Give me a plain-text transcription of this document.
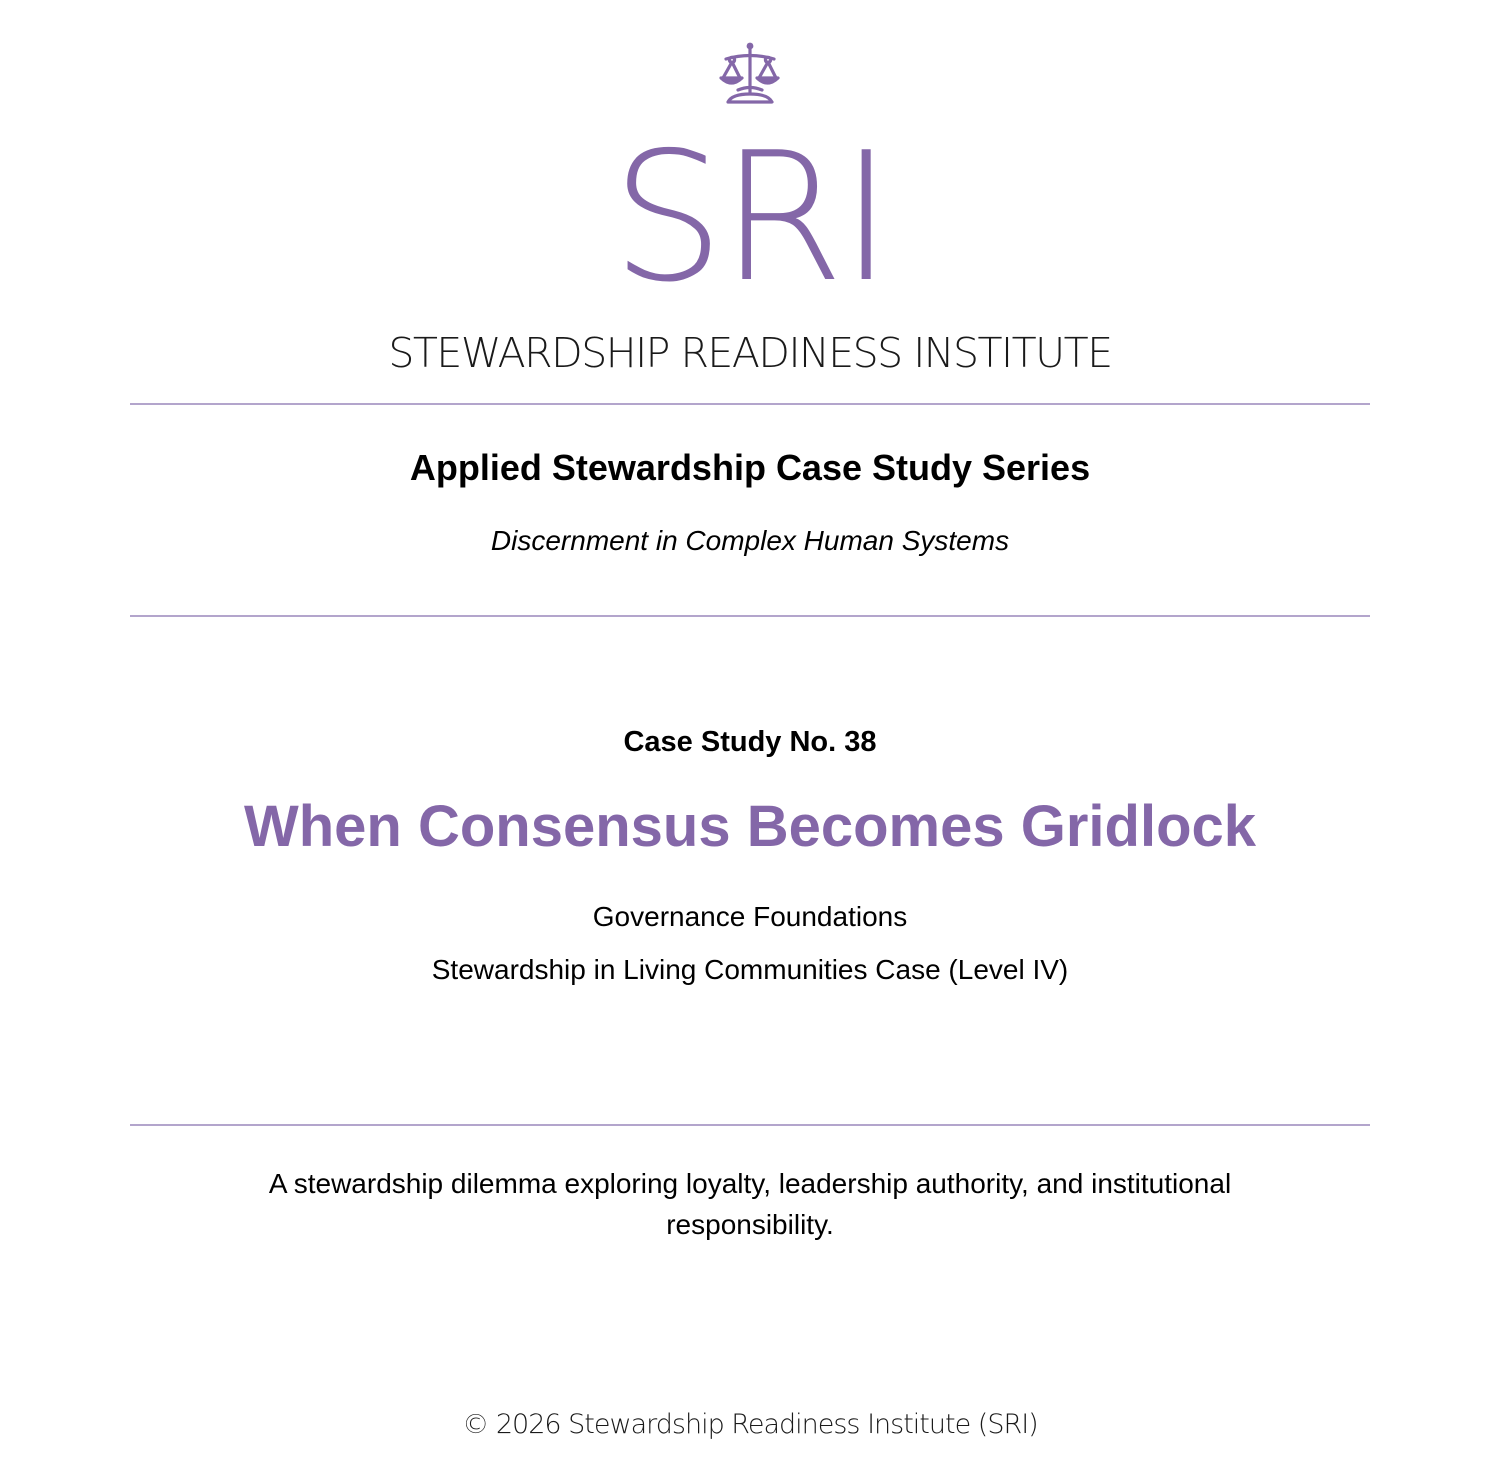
SRI
STEWARDSHIP READINESS INSTITUTE
Applied Stewardship Case Study Series
Discernment in Complex Human Systems
Case Study No. 38
When Consensus Becomes Gridlock
Governance Foundations
Stewardship in Living Communities Case (Level IV)
A stewardship dilemma exploring loyalty, leadership authority, and institutional responsibility.
© 2026 Stewardship Readiness Institute (SRI)
